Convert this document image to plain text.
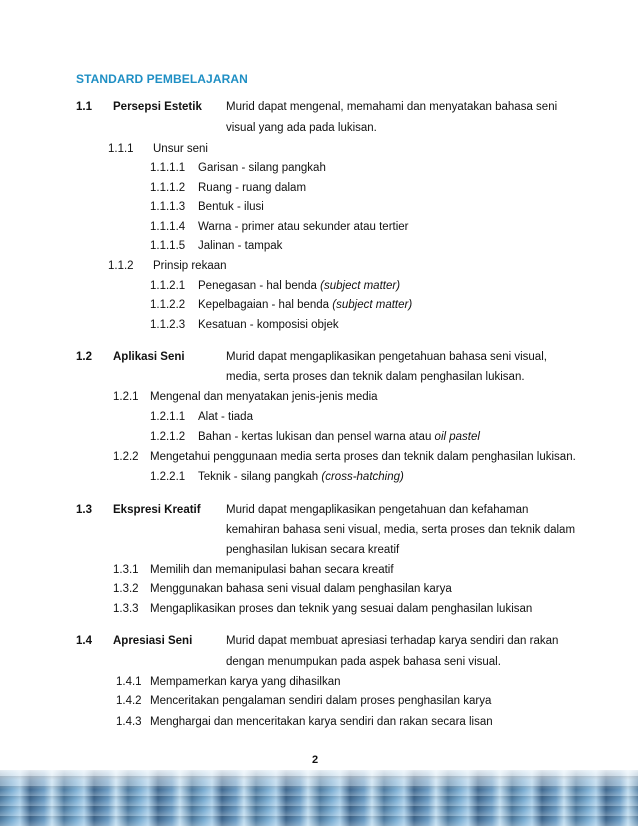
STANDARD PEMBELAJARAN
1.1 Persepsi Estetik Murid dapat mengenal, memahami dan menyatakan bahasa seni
visual yang ada pada lukisan.
1.1.1 Unsur seni
1.1.1.1 Garisan - silang pangkah
1.1.1.2 Ruang - ruang dalam
1.1.1.3 Bentuk - ilusi
1.1.1.4 Warna - primer atau sekunder atau tertier
1.1.1.5 Jalinan - tampak
1.1.2 Prinsip rekaan
1.1.2.1 Penegasan - hal benda (subject matter)
1.1.2.2 Kepelbagaian - hal benda (subject matter)
1.1.2.3 Kesatuan - komposisi objek
1.2 Aplikasi Seni	Murid dapat mengaplikasikan pengetahuan bahasa seni visual,
media, serta proses dan teknik dalam penghasilan lukisan.
1.2.1 Mengenal dan menyatakan jenis-jenis media
1.2.1.1 Alat - tiada
1.2.1.2 Bahan - kertas lukisan dan pensel warna atau oil pastel
1.2.2 Mengetahui penggunaan media serta proses dan teknik dalam penghasilan lukisan.
1.2.2.1 Teknik - silang pangkah (cross-hatching)
1.3 Ekspresi Kreatif Murid dapat mengaplikasikan pengetahuan dan kefahaman
kemahiran bahasa seni visual, media, serta proses dan teknik dalam
penghasilan lukisan secara kreatif
1.3.1 Memilih dan memanipulasi bahan secara kreatif
1.3.2 Menggunakan bahasa seni visual dalam penghasilan karya
1.3.3 Mengaplikasikan proses dan teknik yang sesuai dalam penghasilan lukisan
1.4 Apresiasi Seni	Murid dapat membuat apresiasi terhadap karya sendiri dan rakan
dengan menumpukan pada aspek bahasa seni visual.
1.4.1 Mempamerkan karya yang dihasilkan
1.4.2 Menceritakan pengalaman sendiri dalam proses penghasilan karya
1.4.3 Menghargai dan menceritakan karya sendiri dan rakan secara lisan
2
